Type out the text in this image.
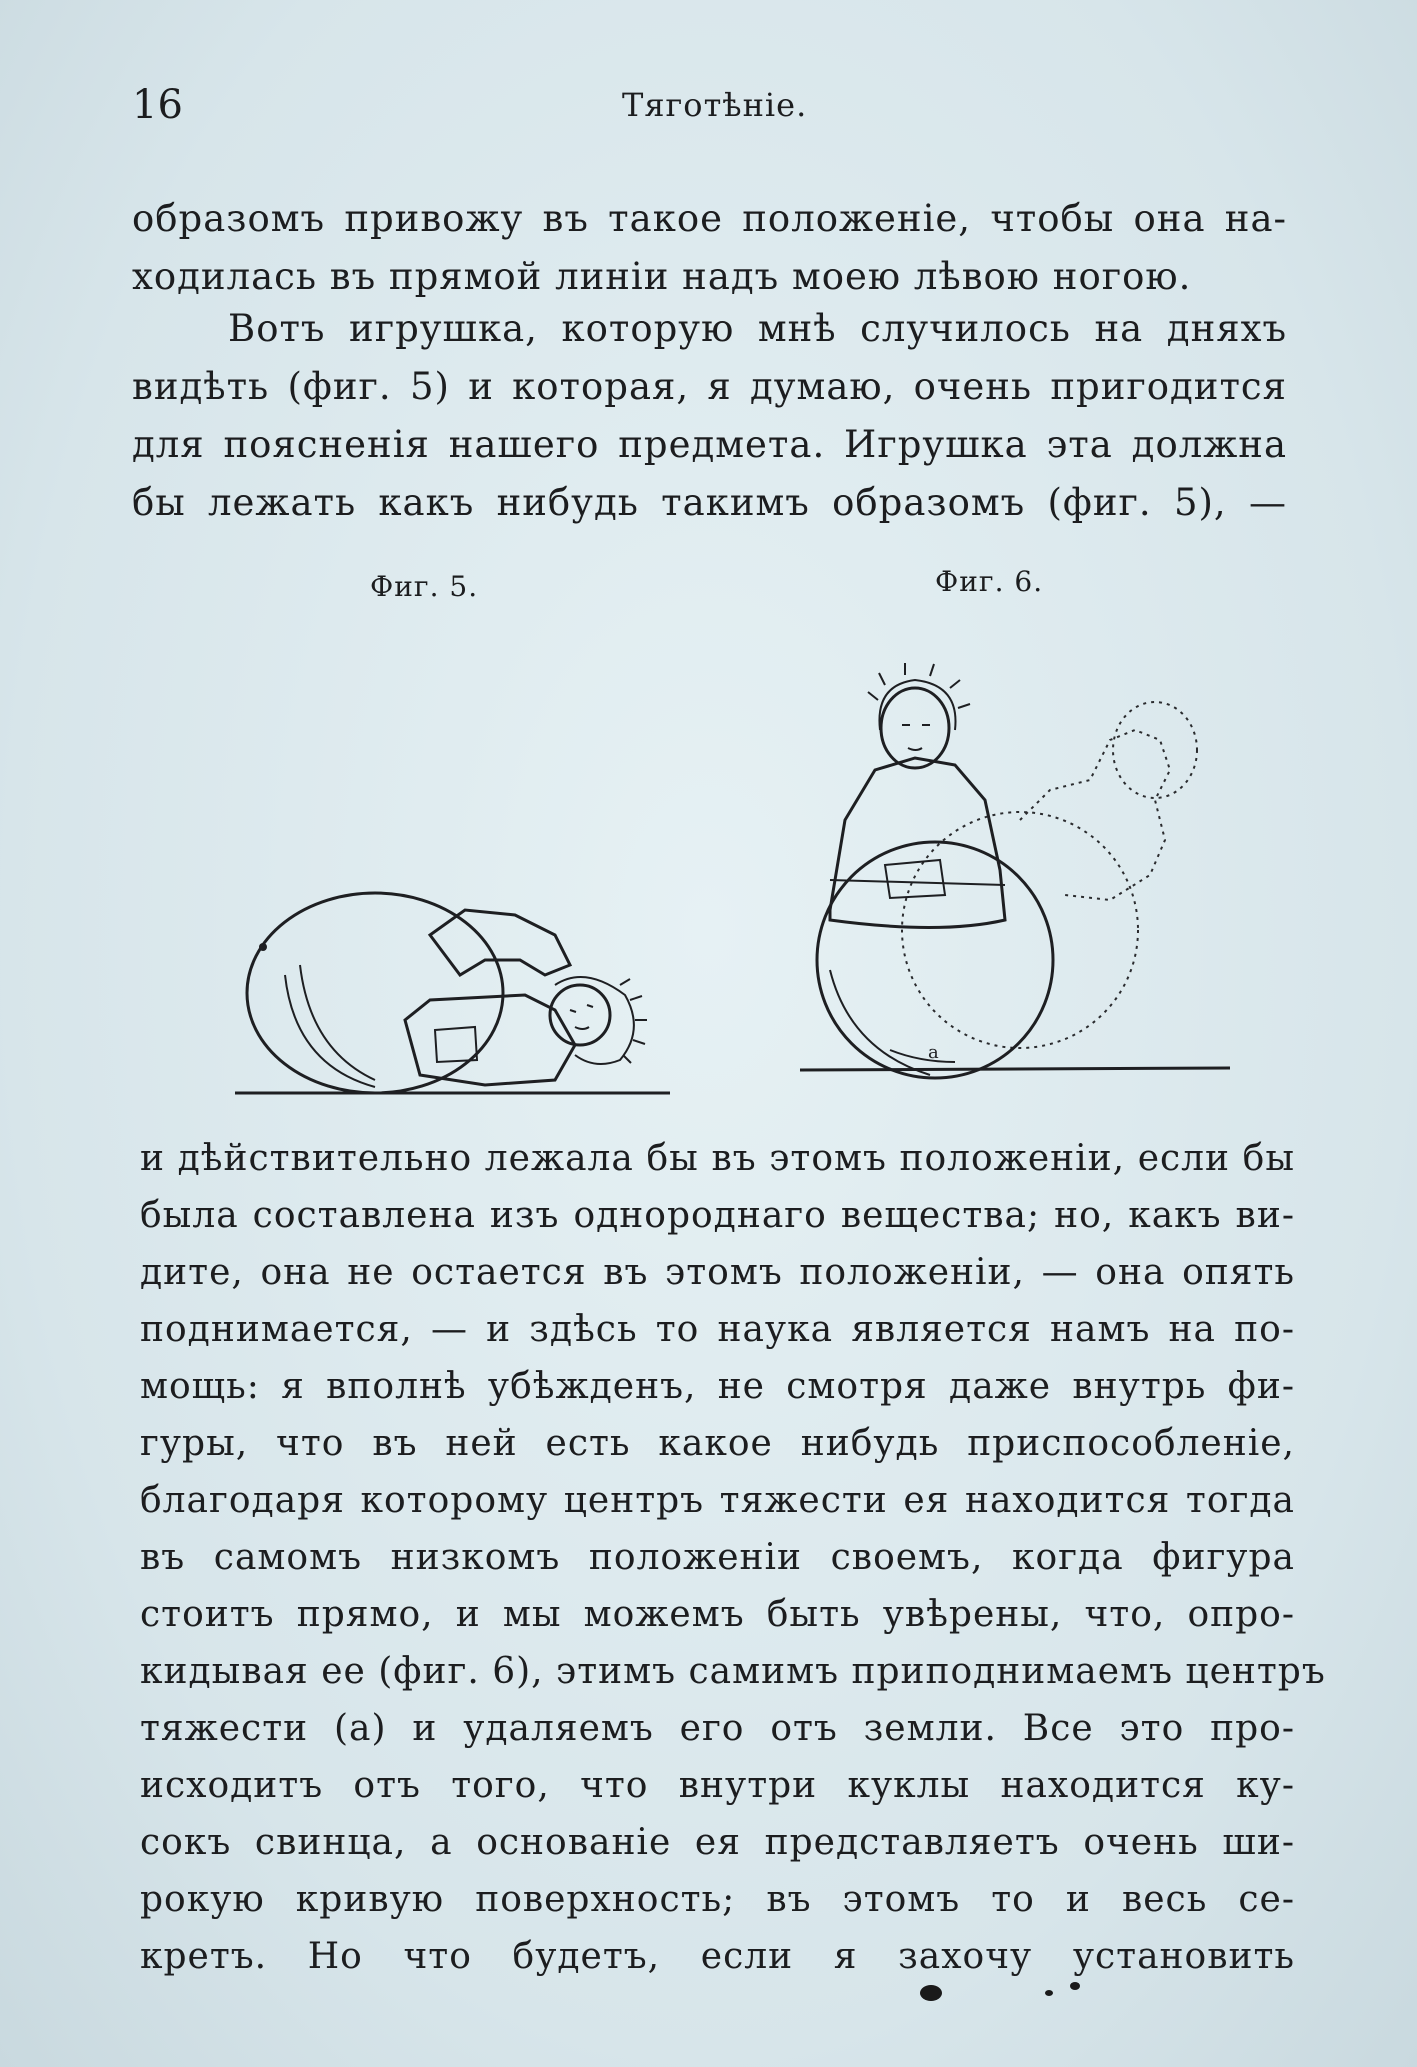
16	Тяготѣніе.
образомъ привожу въ такое положеніе, чтобы она на-
ходилась въ прямой линіи надъ моею лѣвою ногою.
Вотъ игрушка, которую мнѣ случилось на дняхъ
видѣть (фиг. 5) и которая, я думаю, очень пригодится
для поясненія нашего предмета. Игрушка эта должна
бы лежать какъ нибудь такимъ образомъ (фиг. 5), —
Фиг. 5.	Фиг. 6.
a
и дѣйствительно лежала бы въ этомъ положеніи, если бы
была составлена изъ однороднаго вещества; но, какъ ви-
дите, она не остается въ этомъ положеніи, — она опять
поднимается, — и здѣсь то наука является намъ на по-
мощь: я вполнѣ убѣжденъ, не смотря даже внутрь фи-
гуры, что въ ней есть какое нибудь приспособленіе,
благодаря которому центръ тяжести ея находится тогда
въ самомъ низкомъ положеніи своемъ, когда фигура
стоитъ прямо, и мы можемъ быть увѣрены, что, опро-
кидывая ее (фиг. 6), этимъ самимъ приподнимаемъ центръ
тяжести (а) и удаляемъ его отъ земли. Все это про-
исходитъ отъ того, что внутри куклы находится ку-
сокъ свинца, а основаніе ея представляетъ очень ши-
рокую кривую поверхность; въ этомъ то и весь се-
кретъ. Но что будетъ, если я захочу установить
